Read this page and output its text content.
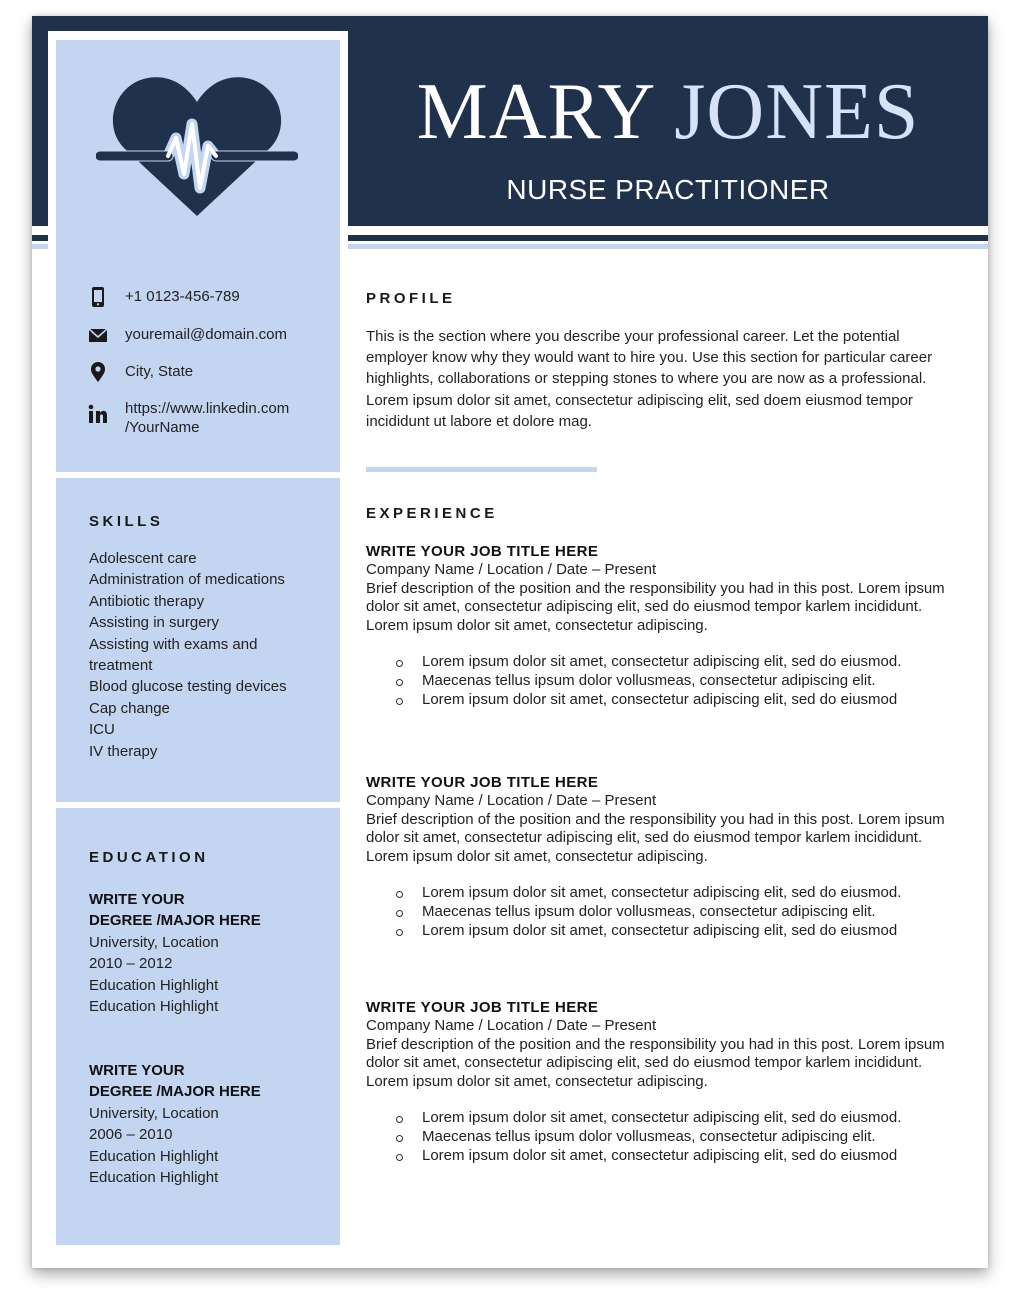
MARY JONES
NURSE PRACTITIONER
+1 0123-456-789
youremail@domain.com
City, State
https://www.linkedin.com
/YourName
SKILLS
Adolescent care
Administration of medications
Antibiotic therapy
Assisting in surgery
Assisting with exams and
treatment
Blood glucose testing devices
Cap change
ICU
IV therapy
EDUCATION
WRITE YOUR
DEGREE /MAJOR HERE
University, Location
2010 – 2012
Education Highlight
Education Highlight
WRITE YOUR
DEGREE /MAJOR HERE
University, Location
2006 – 2010
Education Highlight
Education Highlight
PROFILE
This is the section where you describe your professional career. Let the potential employer know why they would want to hire you. Use this section for particular career highlights, collaborations or stepping stones to where you are now as a professional. Lorem ipsum dolor sit amet, consectetur adipiscing elit, sed doem eiusmod tempor incididunt ut labore et dolore mag.
EXPERIENCE
WRITE YOUR JOB TITLE HERE
Company Name / Location / Date – Present
Brief description of the position and the responsibility you had in this post. Lorem ipsum dolor sit amet, consectetur adipiscing elit, sed do eiusmod tempor karlem incididunt. Lorem ipsum dolor sit amet, consectetur adipiscing.
Lorem ipsum dolor sit amet, consectetur adipiscing elit, sed do eiusmod.
Maecenas tellus ipsum dolor vollusmeas, consectetur adipiscing elit.
Lorem ipsum dolor sit amet, consectetur adipiscing elit, sed do eiusmod
WRITE YOUR JOB TITLE HERE
Company Name / Location / Date – Present
Brief description of the position and the responsibility you had in this post. Lorem ipsum dolor sit amet, consectetur adipiscing elit, sed do eiusmod tempor karlem incididunt. Lorem ipsum dolor sit amet, consectetur adipiscing.
Lorem ipsum dolor sit amet, consectetur adipiscing elit, sed do eiusmod.
Maecenas tellus ipsum dolor vollusmeas, consectetur adipiscing elit.
Lorem ipsum dolor sit amet, consectetur adipiscing elit, sed do eiusmod
WRITE YOUR JOB TITLE HERE
Company Name / Location / Date – Present
Brief description of the position and the responsibility you had in this post. Lorem ipsum dolor sit amet, consectetur adipiscing elit, sed do eiusmod tempor karlem incididunt. Lorem ipsum dolor sit amet, consectetur adipiscing.
Lorem ipsum dolor sit amet, consectetur adipiscing elit, sed do eiusmod.
Maecenas tellus ipsum dolor vollusmeas, consectetur adipiscing elit.
Lorem ipsum dolor sit amet, consectetur adipiscing elit, sed do eiusmod
